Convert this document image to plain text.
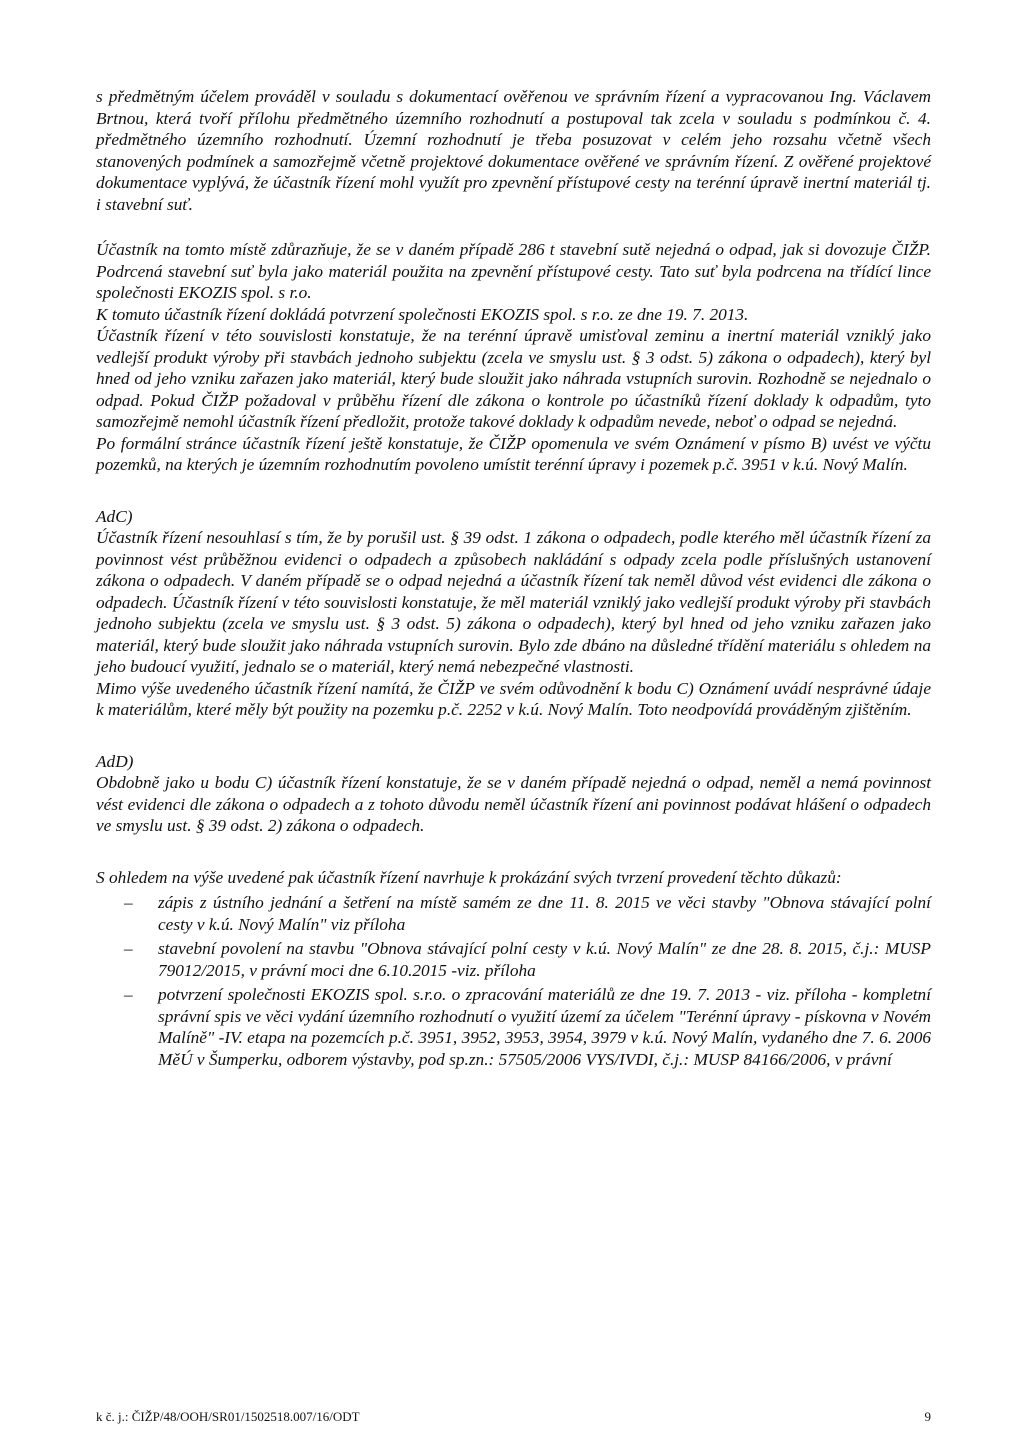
s předmětným účelem prováděl v souladu s dokumentací ověřenou ve správním řízení a vypracovanou Ing. Václavem Brtnou, která tvoří přílohu předmětného územního rozhodnutí a postupoval tak zcela v souladu s podmínkou č. 4. předmětného územního rozhodnutí. Územní rozhodnutí je třeba posuzovat v celém jeho rozsahu včetně všech stanovených podmínek a samozřejmě včetně projektové dokumentace ověřené ve správním řízení. Z ověřené projektové dokumentace vyplývá, že účastník řízení mohl využít pro zpevnění přístupové cesty na terénní úpravě inertní materiál tj. i stavební suť.

Účastník na tomto místě zdůrazňuje, že se v daném případě 286 t stavební sutě nejedná o odpad, jak si dovozuje ČIŽP. Podrcená stavební suť byla jako materiál použita na zpevnění přístupové cesty. Tato suť byla podrcena na třídící lince společnosti EKOZIS spol. s r.o.

K tomuto účastník řízení dokládá potvrzení společnosti EKOZIS spol. s r.o. ze dne 19. 7. 2013.

Účastník řízení v této souvislosti konstatuje, že na terénní úpravě umisťoval zeminu a inertní materiál vzniklý jako vedlejší produkt výroby při stavbách jednoho subjektu (zcela ve smyslu ust. § 3 odst. 5) zákona o odpadech), který byl hned od jeho vzniku zařazen jako materiál, který bude sloužit jako náhrada vstupních surovin. Rozhodně se nejednalo o odpad. Pokud ČIŽP požadoval v průběhu řízení dle zákona o kontrole po účastníků řízení doklady k odpadům, tyto samozřejmě nemohl účastník řízení předložit, protože takové doklady k odpadům nevede, neboť o odpad se nejedná.

Po formální stránce účastník řízení ještě konstatuje, že ČIŽP opomenula ve svém Oznámení v písmo B) uvést ve výčtu pozemků, na kterých je územním rozhodnutím povoleno umístit terénní úpravy i pozemek p.č. 3951 v k.ú. Nový Malín.

AdC)

Účastník řízení nesouhlasí s tím, že by porušil ust. § 39 odst. 1 zákona o odpadech, podle kterého měl účastník řízení za povinnost vést průběžnou evidenci o odpadech a způsobech nakládání s odpady zcela podle příslušných ustanovení zákona o odpadech. V daném případě se o odpad nejedná a účastník řízení tak neměl důvod vést evidenci dle zákona o odpadech. Účastník řízení v této souvislosti konstatuje, že měl materiál vzniklý jako vedlejší produkt výroby při stavbách jednoho subjektu (zcela ve smyslu ust. § 3 odst. 5) zákona o odpadech), který byl hned od jeho vzniku zařazen jako materiál, který bude sloužit jako náhrada vstupních surovin. Bylo zde dbáno na důsledné třídění materiálu s ohledem na jeho budoucí využití, jednalo se o materiál, který nemá nebezpečné vlastnosti.

Mimo výše uvedeného účastník řízení namítá, že ČIŽP ve svém odůvodnění k bodu C) Oznámení uvádí nesprávné údaje k materiálům, které měly být použity na pozemku p.č. 2252 v k.ú. Nový Malín. Toto neodpovídá prováděným zjištěním.

AdD)

Obdobně jako u bodu C) účastník řízení konstatuje, že se v daném případě nejedná o odpad, neměl a nemá povinnost vést evidenci dle zákona o odpadech a z tohoto důvodu neměl účastník řízení ani povinnost podávat hlášení o odpadech ve smyslu ust. § 39 odst. 2) zákona o odpadech.

S ohledem na výše uvedené pak účastník řízení navrhuje k prokázání svých tvrzení provedení těchto důkazů:

– zápis z ústního jednání a šetření na místě samém ze dne 11. 8. 2015 ve věci stavby "Obnova stávající polní cesty v k.ú. Nový Malín" viz příloha
– stavební povolení na stavbu "Obnova stávající polní cesty v k.ú. Nový Malín" ze dne 28. 8. 2015, č.j.: MUSP 79012/2015, v právní moci dne 6.10.2015 -viz. příloha
– potvrzení společnosti EKOZIS spol. s.r.o. o zpracování materiálů ze dne 19. 7. 2013 - viz. příloha - kompletní správní spis ve věci vydání územního rozhodnutí o využití území za účelem "Terénní úpravy - pískovna v Novém Malíně" -IV. etapa na pozemcích p.č. 3951, 3952, 3953, 3954, 3979 v k.ú. Nový Malín, vydaného dne 7. 6. 2006 MěÚ v Šumperku, odborem výstavby, pod sp.zn.: 57505/2006 VYS/IVDI, č.j.: MUSP 84166/2006, v právní
k č. j.: ČIŽP/48/OOH/SR01/1502518.007/16/ODT	9
